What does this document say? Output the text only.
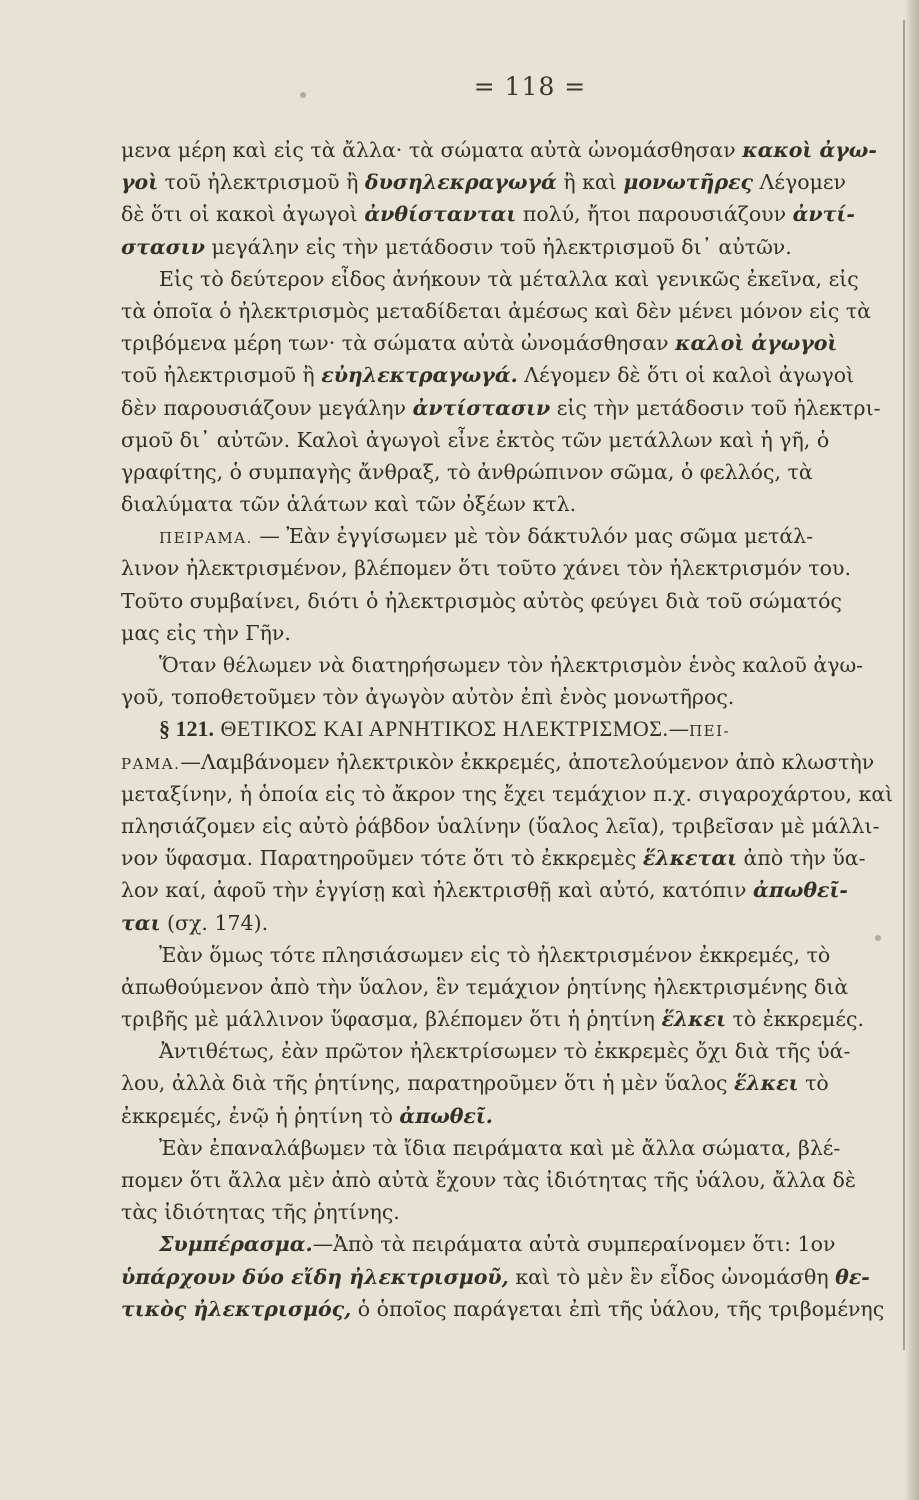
= 118 =
μενα μέρη καὶ εἰς τὰ ἄλλα· τὰ σώματα αὐτὰ ὠνομάσθησαν κακοὶ ἀγω-
γοὶ τοῦ ἠλεκτρισμοῦ ἢ δυσηλεκραγωγά ἢ καὶ μονωτῆρες Λέγομεν
δὲ ὅτι οἱ κακοὶ ἀγωγοὶ ἀνθίστανται πολύ, ἤτοι παρουσιάζουν ἀντί-
στασιν μεγάλην εἰς τὴν μετάδοσιν τοῦ ἠλεκτρισμοῦ δι᾽ αὐτῶν.
Εἰς τὸ δεύτερον εἶδος ἀνήκουν τὰ μέταλλα καὶ γενικῶς ἐκεῖνα, εἰς
τὰ ὁποῖα ὁ ἠλεκτρισμὸς μεταδίδεται ἀμέσως καὶ δὲν μένει μόνον εἰς τὰ
τριβόμενα μέρη των· τὰ σώματα αὐτὰ ὠνομάσθησαν καλοὶ ἀγωγοὶ
τοῦ ἠλεκτρισμοῦ ἢ εὐηλεκτραγωγά. Λέγομεν δὲ ὅτι οἱ καλοὶ ἀγωγοὶ
δὲν παρουσιάζουν μεγάλην ἀντίστασιν εἰς τὴν μετάδοσιν τοῦ ἠλεκτρι-
σμοῦ δι᾽ αὐτῶν. Καλοὶ ἀγωγοὶ εἶνε ἐκτὸς τῶν μετάλλων καὶ ἡ γῆ, ὁ
γραφίτης, ὁ συμπαγὴς ἄνθραξ, τὸ ἀνθρώπινον σῶμα, ὁ φελλός, τὰ
διαλύματα τῶν ἁλάτων καὶ τῶν ὀξέων κτλ.
ΠΕΙΡΑΜΑ. — Ἐὰν ἐγγίσωμεν μὲ τὸν δάκτυλόν μας σῶμα μετάλ-
λινον ἠλεκτρισμένον, βλέπομεν ὅτι τοῦτο χάνει τὸν ἠλεκτρισμόν του.
Τοῦτο συμβαίνει, διότι ὁ ἠλεκτρισμὸς αὐτὸς φεύγει διὰ τοῦ σώματός
μας εἰς τὴν Γῆν.
Ὅταν θέλωμεν νὰ διατηρήσωμεν τὸν ἠλεκτρισμὸν ἑνὸς καλοῦ ἀγω-
γοῦ, τοποθετοῦμεν τὸν ἀγωγὸν αὐτὸν ἐπὶ ἑνὸς μονωτῆρος.
§ 121. ΘΕΤΙΚΟΣ ΚΑΙ ΑΡΝΗΤΙΚΟΣ ΗΛΕΚΤΡΙΣΜΟΣ.—ΠΕΙ-
ΡΑΜΑ.—Λαμβάνομεν ἠλεκτρικὸν ἐκκρεμές, ἀποτελούμενον ἀπὸ κλωστὴν
μεταξίνην, ἡ ὁποία εἰς τὸ ἄκρον της ἔχει τεμάχιον π.χ. σιγαροχάρτου, καὶ
πλησιάζομεν εἰς αὐτὸ ῥάβδον ὑαλίνην (ὕαλος λεῖα), τριβεῖσαν μὲ μάλλι-
νον ὕφασμα. Παρατηροῦμεν τότε ὅτι τὸ ἐκκρεμὲς ἕλκεται ἀπὸ τὴν ὕα-
λον καί, ἀφοῦ τὴν ἐγγίσῃ καὶ ἠλεκτρισθῇ καὶ αὐτό, κατόπιν ἀπωθεῖ-
ται (σχ. 174).
Ἐὰν ὅμως τότε πλησιάσωμεν εἰς τὸ ἠλεκτρισμένον ἐκκρεμές, τὸ
ἀπωθούμενον ἀπὸ τὴν ὕαλον, ἓν τεμάχιον ῥητίνης ἠλεκτρισμένης διὰ
τριβῆς μὲ μάλλινον ὕφασμα, βλέπομεν ὅτι ἡ ῥητίνη ἕλκει τὸ ἐκκρεμές.
Ἀντιθέτως, ἐὰν πρῶτον ἠλεκτρίσωμεν τὸ ἐκκρεμὲς ὄχι διὰ τῆς ὑά-
λου, ἀλλὰ διὰ τῆς ῥητίνης, παρατηροῦμεν ὅτι ἡ μὲν ὕαλος ἕλκει τὸ
ἐκκρεμές, ἐνῷ ἡ ῥητίνη τὸ ἀπωθεῖ.
Ἐὰν ἐπαναλάβωμεν τὰ ἴδια πειράματα καὶ μὲ ἄλλα σώματα, βλέ-
πομεν ὅτι ἄλλα μὲν ἀπὸ αὐτὰ ἔχουν τὰς ἰδιότητας τῆς ὑάλου, ἄλλα δὲ
τὰς ἰδιότητας τῆς ῥητίνης.
Συμπέρασμα.—Ἀπὸ τὰ πειράματα αὐτὰ συμπεραίνομεν ὅτι: 1ον
ὑπάρχουν δύο εἴδη ἠλεκτρισμοῦ, καὶ τὸ μὲν ἓν εἶδος ὠνομάσθη θε-
τικὸς ἠλεκτρισμός, ὁ ὁποῖος παράγεται ἐπὶ τῆς ὑάλου, τῆς τριβομένης
